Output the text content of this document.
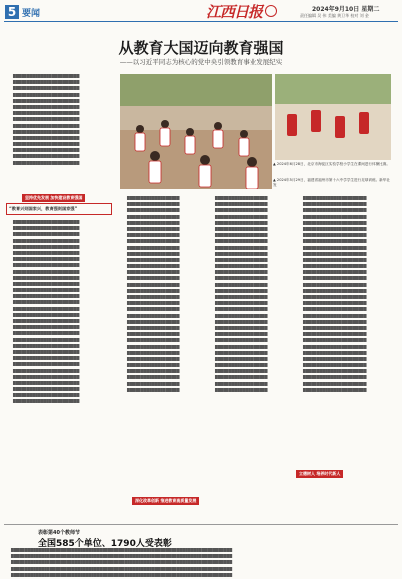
5 要闻	江西日报	2024年9月10日 星期二
责任编辑 吴 伟 美编 黄卫华 校对 刘 金
从教育大国迈向教育强国
——以习近平同志为核心的党中央引领教育事业发展纪实

████████████████████████

████████████████████████

████████████████████████

████████████████████████

████████████████████████

████████████████████████

████████████████████████

████████████████████████

████████████████████████

████████████████████████

████████████████████████

████████████████████████

████████████████████████

████████████████████████

████████████████████████

坚持优先发展 加快建设教育强国
“教育兴则国家兴，教育强则国家强”

████████████████████████

████████████████████████

████████████████████████

████████████████████████

████████████████████████

████████████████████████

████████████████████████

████████████████████████

████████████████████████

████████████████████████

████████████████████████

████████████████████████

████████████████████████

████████████████████████

████████████████████████

████████████████████████

████████████████████████

████████████████████████

████████████████████████

████████████████████████

████████████████████████

████████████████████████

████████████████████████

████████████████████████

████████████████████████

████████████████████████

████████████████████████

████████████████████████

████████████████████████

████████████████████████

▲ 2024年6月28日，北京市海淀区实验学校小学生在课间进行体操比赛。
▲ 2024年5月29日，福建省福州市第十六中学学生进行足球训练。新华社发

███████████████████

███████████████████

███████████████████

███████████████████

███████████████████

███████████████████

███████████████████

███████████████████

███████████████████

███████████████████

███████████████████

███████████████████

███████████████████

███████████████████

███████████████████

███████████████████

███████████████████

███████████████████

███████████████████

███████████████████

███████████████████

███████████████████

███████████████████

███████████████████

███████████████████

███████████████████

███████████████████

███████████████████

███████████████████

███████████████████

███████████████████

███████████████████

深化改革创新 推进教育高质量发展

███████████████████

███████████████████

███████████████████

███████████████████

███████████████████

███████████████████

███████████████████

███████████████████

███████████████████

███████████████████

███████████████████

███████████████████

███████████████████

███████████████████

███████████████████

███████████████████

███████████████████

███████████████████

███████████████████

███████████████████

███████████████████

███████████████████

███████████████████

███████████████████

███████████████████

███████████████████

███████████████████

███████████████████

███████████████████

███████████████████

███████████████████

███████████████████

███████████████████████

███████████████████████

███████████████████████

███████████████████████

███████████████████████

███████████████████████

███████████████████████

███████████████████████

███████████████████████

███████████████████████

███████████████████████

███████████████████████

███████████████████████

███████████████████████

███████████████████████

███████████████████████

███████████████████████

███████████████████████

███████████████████████

███████████████████████

███████████████████████

███████████████████████

███████████████████████

███████████████████████

███████████████████████

███████████████████████

███████████████████████

███████████████████████

███████████████████████

███████████████████████

███████████████████████

███████████████████████

立德树人 培养时代新人
表彰第40个教师节
全国585个单位、1790人受表彰

████████████████████████████████████████████████████████████████████████████████

████████████████████████████████████████████████████████████████████████████████

████████████████████████████████████████████████████████████████████████████████

████████████████████████████████████████████████████████████████████████████████

████████████████████████████████████████████████████████████████████████████████
